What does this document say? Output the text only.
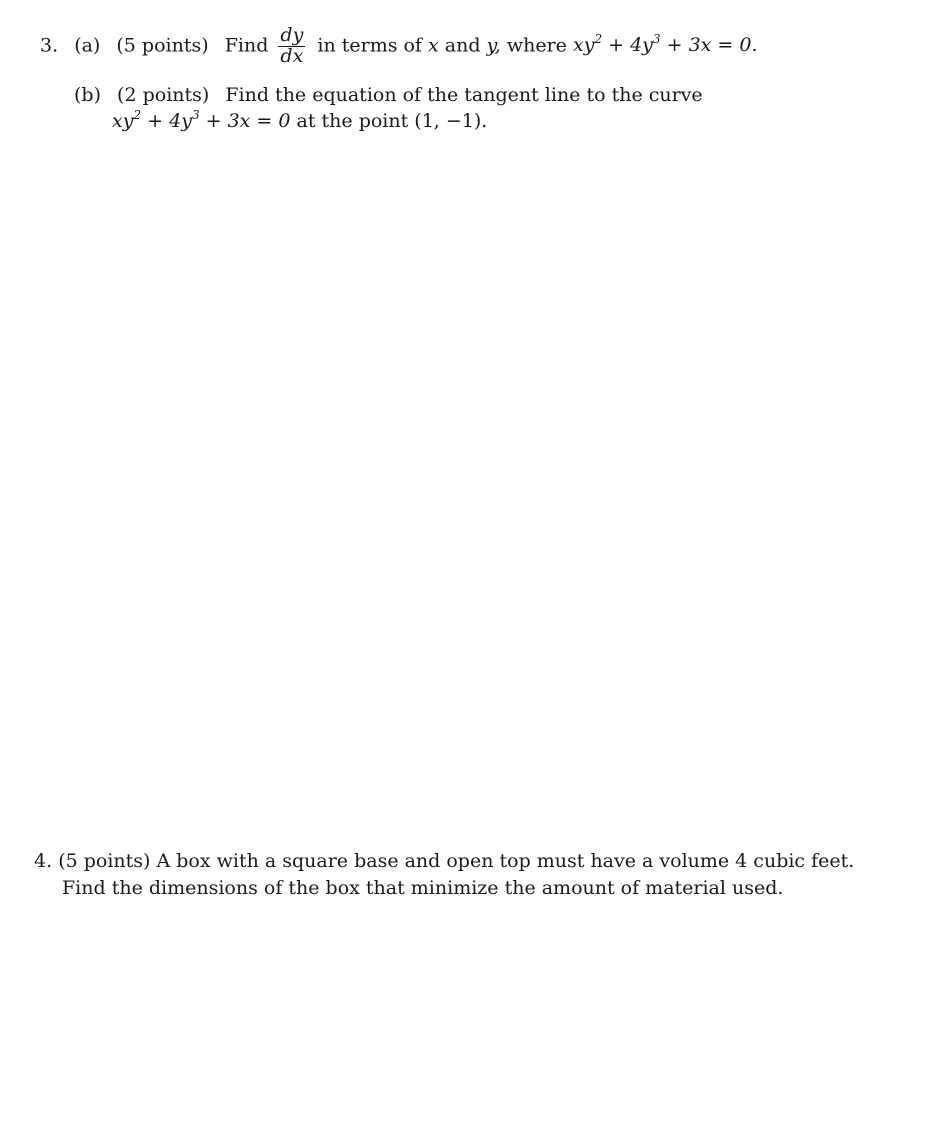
3. (a) (5 points) Find $\frac{dy}{dx}$ in terms of x and y, where $xy^2 + 4y^3 + 3x = 0$.
(b) (2 points) Find the equation of the tangent line to the curve
$xy^2 + 4y^3 + 3x = 0$ at the point (1, −1).
4. (5 points) A box with a square base and open top must have a volume 4 cubic feet.
Find the dimensions of the box that minimize the amount of material used.
